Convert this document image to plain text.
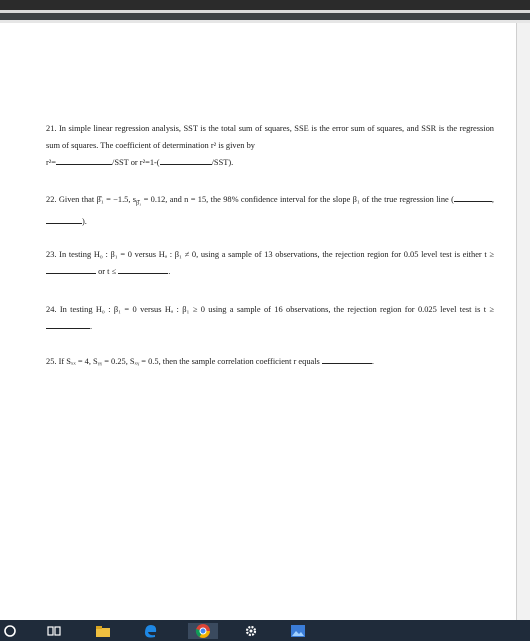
21. In simple linear regression analysis, SST is the total sum of squares, SSE is the error sum of squares, and SSR is the regression sum of squares. The coefficient of determination r² is given by
r²=	/SST or r²=1-(	/SST).
22. Given that β̂₁ = −1.5, $s_{\betâ_1} = 0.12$, and n = 15, the 98% confidence interval for the slope β₁ of the true regression line (	,).
23. In testing H₀ : β₁ = 0 versus Hₐ : β₁ ≠ 0, using a sample of 13 observations, the rejection region for 0.05 level test is either t ≥  or t ≤	.
24. In testing H₀ : β₁ = 0 versus Hₐ : β₁ ≥ 0 using a sample of 16 observations, the rejection region for 0.025 level test is t ≥ .
25. If Sₓₓ = 4, Sᵧᵧ = 0.25, Sₓᵧ = 0.5, then the sample correlation coefficient r equals	.
